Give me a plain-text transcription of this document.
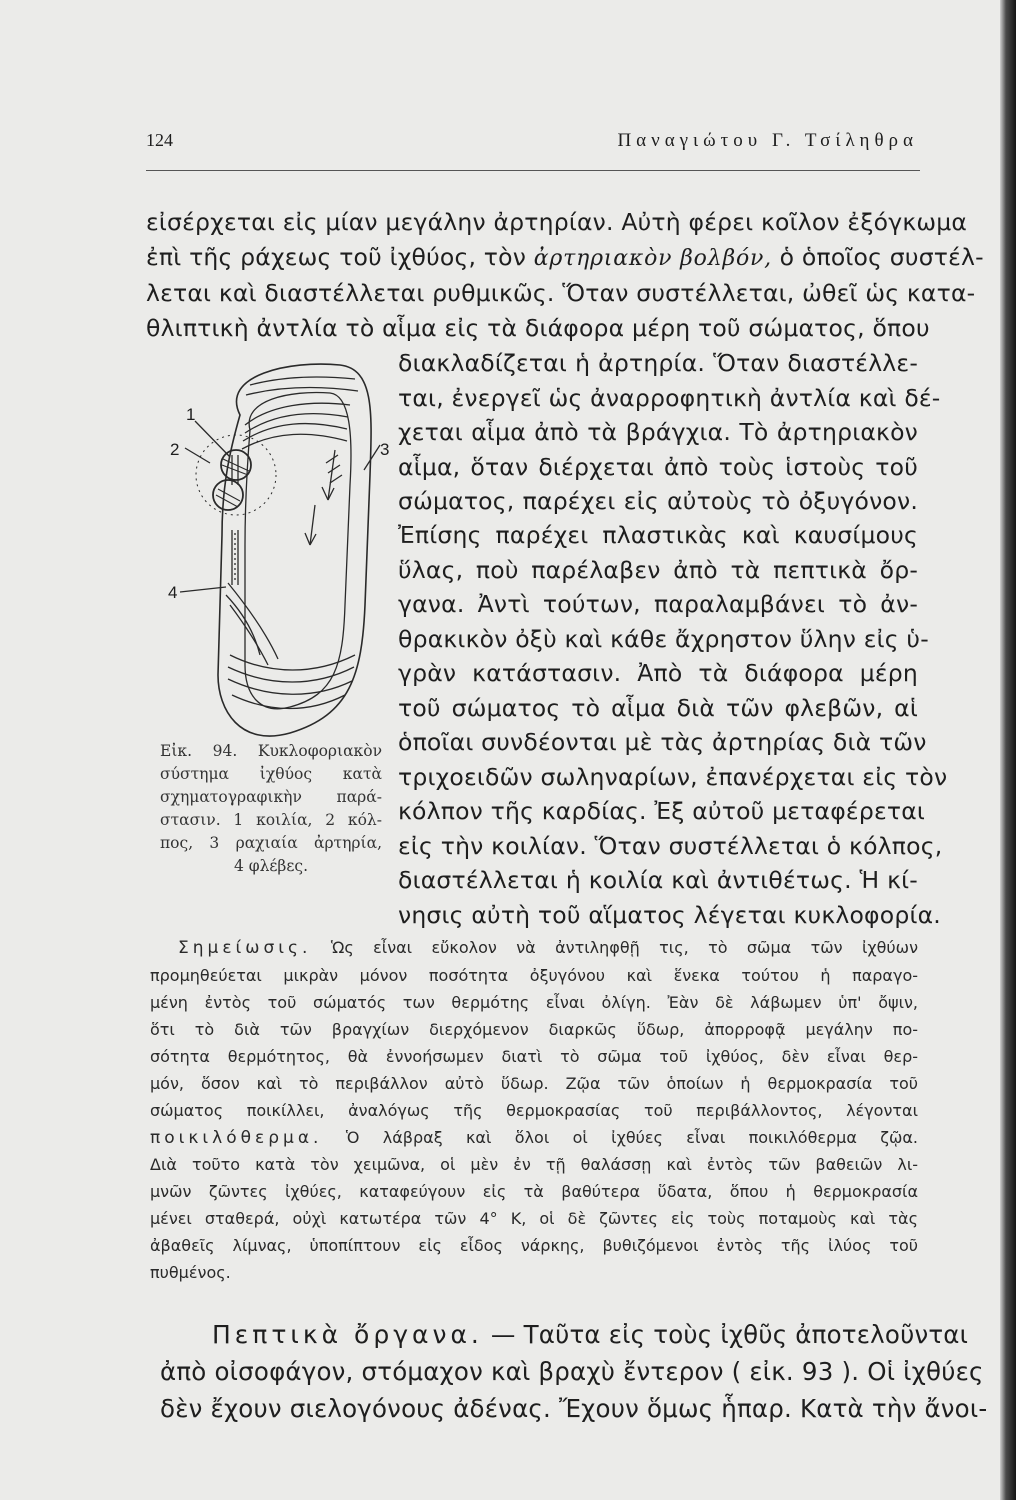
124	Παναγιώτου Γ. Τσίληθρα
εἰσέρχεται εἰς μίαν μεγάλην ἀρτηρίαν. Αὐτὴ φέρει κοῖλον ἐξόγκωμα
ἐπὶ τῆς ράχεως τοῦ ἰχθύος, τὸν ἀρτηριακὸν βολβόν, ὁ ὁποῖος συστέλ-
λεται καὶ διαστέλλεται ρυθμικῶς. Ὅταν συστέλλεται, ὠθεῖ ὡς κατα-
θλιπτικὴ ἀντλία τὸ αἷμα εἰς τὰ διάφορα μέρη τοῦ σώματος, ὅπου
διακλαδίζεται ἡ ἀρτηρία. Ὅταν διαστέλλε-
ται, ἐνεργεῖ ὡς ἀναρροφητικὴ ἀντλία καὶ δέ-
χεται αἷμα ἀπὸ τὰ βράγχια. Τὸ ἀρτηριακὸν
αἷμα, ὅταν διέρχεται ἀπὸ τοὺς ἱστοὺς τοῦ
σώματος, παρέχει εἰς αὐτοὺς τὸ ὀξυγόνον.
Ἐπίσης παρέχει πλαστικὰς καὶ καυσίμους
ὕλας, ποὺ παρέλαβεν ἀπὸ τὰ πεπτικὰ ὄρ-
γανα. Ἀντὶ τούτων, παραλαμβάνει τὸ ἀν-
θρακικὸν ὀξὺ καὶ κάθε ἄχρηστον ὕλην εἰς ὑ-
γρὰν κατάστασιν. Ἀπὸ τὰ διάφορα μέρη
τοῦ σώματος τὸ αἷμα διὰ τῶν φλεβῶν, αἱ
ὁποῖαι συνδέονται μὲ τὰς ἀρτηρίας διὰ τῶν
τριχοειδῶν σωληναρίων, ἐπανέρχεται εἰς τὸν
κόλπον τῆς καρδίας. Ἐξ αὐτοῦ μεταφέρεται
εἰς τὴν κοιλίαν. Ὅταν συστέλλεται ὁ κόλπος,
διαστέλλεται ἡ κοιλία καὶ ἀντιθέτως. Ἡ κί-
νησις αὐτὴ τοῦ αἵματος λέγεται κυκλοφορία.
1
2	3
4
Εἰκ. 94. Κυκλοφοριακὸν
σύστημα ἰχθύος κατὰ
σχηματογραφικὴν παρά-
στασιν. 1 κοιλία, 2 κόλ-
πος, 3 ραχιαία ἀρτηρία,
4 φλέβες.
Σημείωσις. Ὡς εἶναι εὔκολον νὰ ἀντιληφθῇ τις, τὸ σῶμα τῶν ἰχθύων
προμηθεύεται μικρὰν μόνον ποσότητα ὀξυγόνου καὶ ἕνεκα τούτου ἡ παραγο-
μένη ἐντὸς τοῦ σώματός των θερμότης εἶναι ὀλίγη. Ἐὰν δὲ λάβωμεν ὑπ' ὄψιν,
ὅτι τὸ διὰ τῶν βραγχίων διερχόμενον διαρκῶς ὕδωρ, ἀπορροφᾷ μεγάλην πο-
σότητα θερμότητος, θὰ ἐννοήσωμεν διατὶ τὸ σῶμα τοῦ ἰχθύος, δὲν εἶναι θερ-
μόν, ὅσον καὶ τὸ περιβάλλον αὐτὸ ὕδωρ. Ζῷα τῶν ὁποίων ἡ θερμοκρασία τοῦ
σώματος ποικίλλει, ἀναλόγως τῆς θερμοκρασίας τοῦ περιβάλλοντος, λέγονται
ποικιλόθερμα. Ὁ λάβραξ καὶ ὅλοι οἱ ἰχθύες εἶναι ποικιλόθερμα ζῷα.
Διὰ τοῦτο κατὰ τὸν χειμῶνα, οἱ μὲν ἐν τῇ θαλάσσῃ καὶ ἐντὸς τῶν βαθειῶν λι-
μνῶν ζῶντες ἰχθύες, καταφεύγουν εἰς τὰ βαθύτερα ὕδατα, ὅπου ἡ θερμοκρασία
μένει σταθερά, οὐχὶ κατωτέρα τῶν 4° Κ, οἱ δὲ ζῶντες εἰς τοὺς ποταμοὺς καὶ τὰς
ἀβαθεῖς λίμνας, ὑποπίπτουν εἰς εἶδος νάρκης, βυθιζόμενοι ἐντὸς τῆς ἰλύος τοῦ
πυθμένος.
Πεπτικὰ ὄργανα. — Ταῦτα εἰς τοὺς ἰχθῦς ἀποτελοῦνται
ἀπὸ οἰσοφάγον, στόμαχον καὶ βραχὺ ἔντερον ( εἰκ. 93 ). Οἱ ἰχθύες
δὲν ἔχουν σιελογόνους ἀδένας. Ἔχουν ὅμως ἧπαρ. Κατὰ τὴν ἄνοι-
